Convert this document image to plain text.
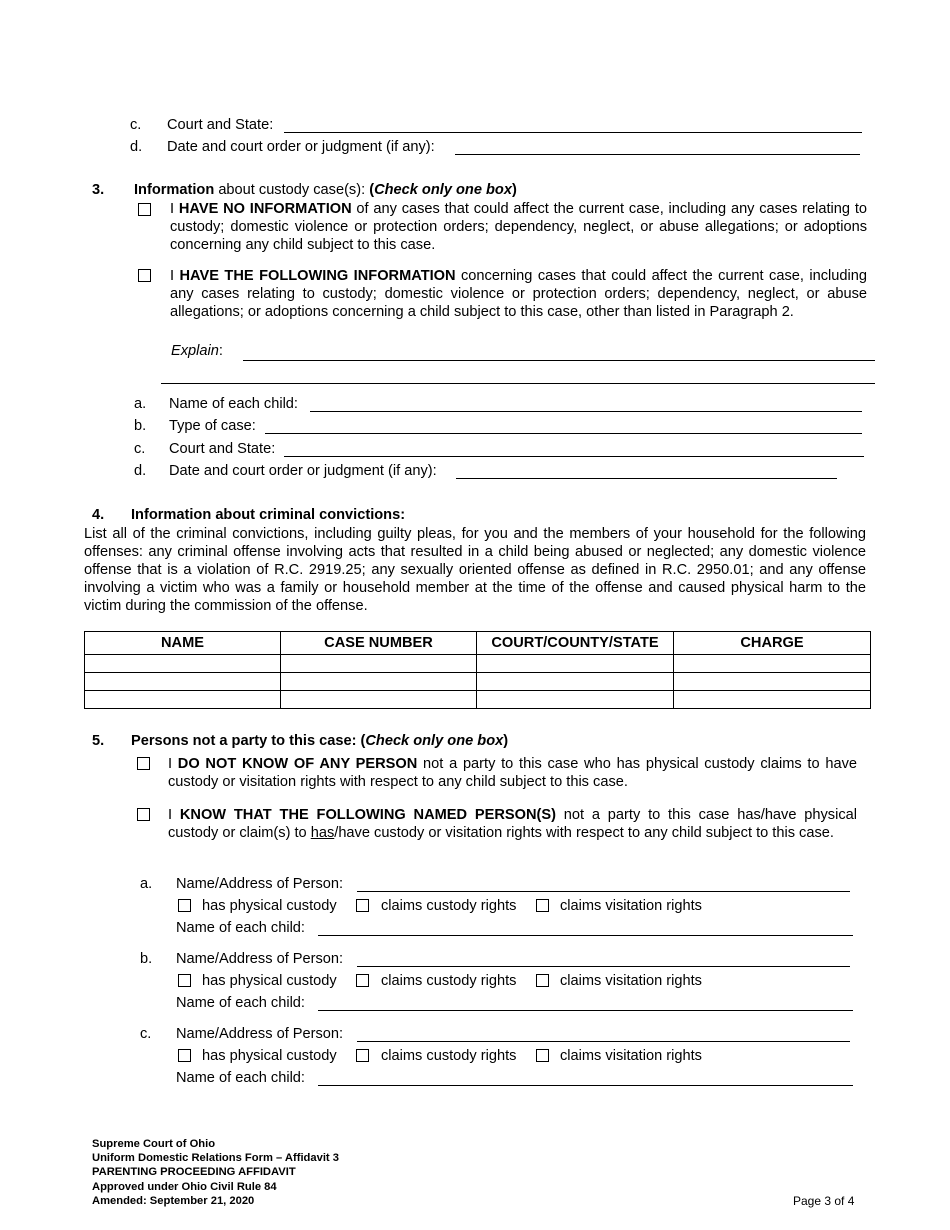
c. Court and State:
d. Date and court order or judgment (if any):
3. Information about custody case(s): (Check only one box)
I HAVE NO INFORMATION of any cases that could affect the current case, including any cases relating to custody; domestic violence or protection orders; dependency, neglect, or abuse allegations; or adoptions concerning any child subject to this case.
I HAVE THE FOLLOWING INFORMATION concerning cases that could affect the current case, including any cases relating to custody; domestic violence or protection orders; dependency, neglect, or abuse allegations; or adoptions concerning a child subject to this case, other than listed in Paragraph 2.
Explain:
a. Name of each child:
b. Type of case:
c. Court and State:
d. Date and court order or judgment (if any):
4. Information about criminal convictions:
List all of the criminal convictions, including guilty pleas, for you and the members of your household for the following offenses: any criminal offense involving acts that resulted in a child being abused or neglected; any domestic violence offense that is a violation of R.C. 2919.25; any sexually oriented offense as defined in R.C. 2950.01; and any offense involving a victim who was a family or household member at the time of the offense and caused physical harm to the victim during the commission of the offense.
NAME	CASE NUMBER	COURT/COUNTY/STATE	CHARGE

5. Persons not a party to this case: (Check only one box)
I DO NOT KNOW OF ANY PERSON not a party to this case who has physical custody claims to have custody or visitation rights with respect to any child subject to this case.
I KNOW THAT THE FOLLOWING NAMED PERSON(S) not a party to this case has/have physical custody or claim(s) to has/have custody or visitation rights with respect to any child subject to this case.
a. Name/Address of Person:
has physical custody	claims custody rights	claims visitation rights
Name of each child:
b. Name/Address of Person:
has physical custody	claims custody rights	claims visitation rights
Name of each child:
c. Name/Address of Person:
has physical custody	claims custody rights	claims visitation rights
Name of each child:
Supreme Court of Ohio
Uniform Domestic Relations Form – Affidavit 3
PARENTING PROCEEDING AFFIDAVIT
Approved under Ohio Civil Rule 84
Amended: September 21, 2020	Page 3 of 4
